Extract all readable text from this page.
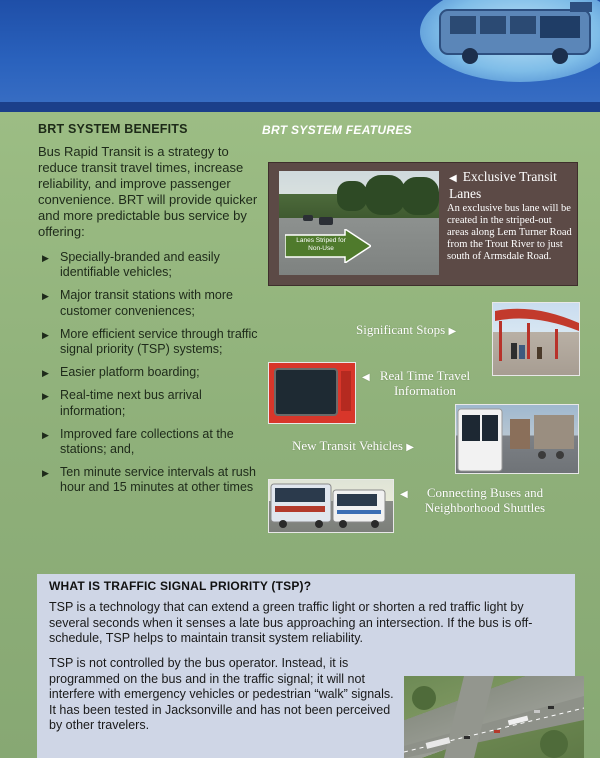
BRT SYSTEM BENEFITS

Bus Rapid Transit is a strategy to reduce transit travel times, increase reliability, and improve passenger convenience. BRT will provide quicker and more predictable bus service by offering:

▶ Specially-branded and easily identifiable vehicles;
▶ Major transit stations with more customer conveniences;
▶ More efficient service through traffic signal priority (TSP) systems;
▶ Easier platform boarding;
▶ Real-time next bus arrival information;
▶ Improved fare collections at the stations; and,
▶ Ten minute service intervals at rush hour and 15 minutes at other times
BRT SYSTEM FEATURES
Lanes Striped for Non-Use
◀ Exclusive Transit Lanes
An exclusive bus lane will be created in the striped-out areas along Lem Turner Road from the Trout River to just south of Armsdale Road.
Significant Stops ▶
◀ Real Time Travel Information
New Transit Vehicles ▶
◀ Connecting Buses and Neighborhood Shuttles
WHAT IS TRAFFIC SIGNAL PRIORITY (TSP)?

TSP is a technology that can extend a green traffic light or shorten a red traffic light by several seconds when it senses a late bus approaching an intersection. If the bus is off-schedule, TSP helps to maintain transit system reliability.

TSP is not controlled by the bus operator. Instead, it is programmed on the bus and in the traffic signal; it will not interfere with emergency vehicles or pedestrian “walk” signals. It has been tested in Jacksonville and has not been perceived by other travelers.
